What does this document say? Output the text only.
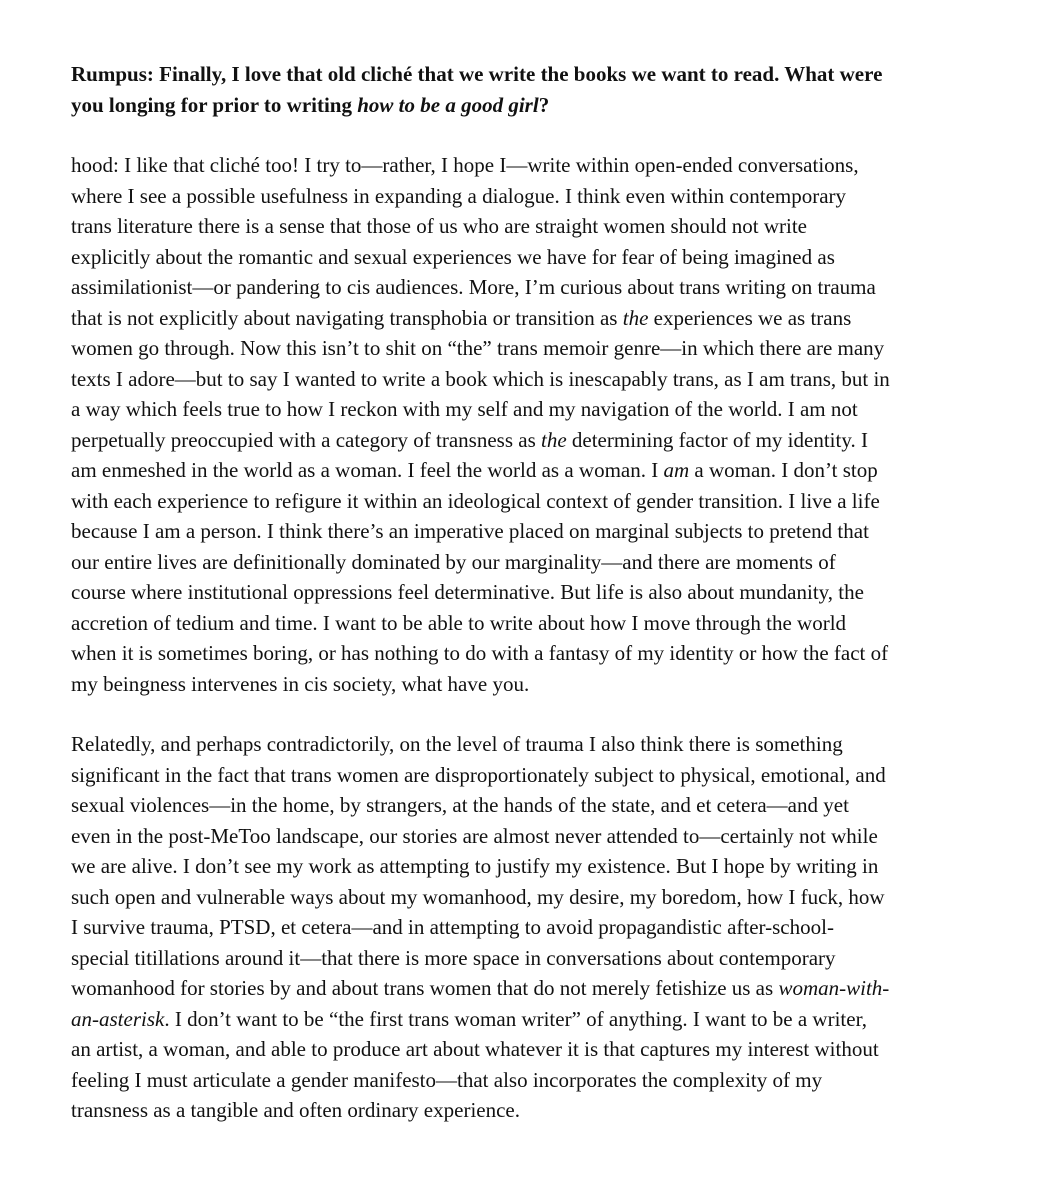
Rumpus: Finally, I love that old cliché that we write the books we want to read. What were
you longing for prior to writing how to be a good girl?
hood: I like that cliché too! I try to—rather, I hope I—write within open-ended conversations,
where I see a possible usefulness in expanding a dialogue. I think even within contemporary
trans literature there is a sense that those of us who are straight women should not write
explicitly about the romantic and sexual experiences we have for fear of being imagined as
assimilationist—or pandering to cis audiences. More, I’m curious about trans writing on trauma
that is not explicitly about navigating transphobia or transition as the experiences we as trans
women go through. Now this isn’t to shit on “the” trans memoir genre—in which there are many
texts I adore—but to say I wanted to write a book which is inescapably trans, as I am trans, but in
a way which feels true to how I reckon with my self and my navigation of the world. I am not
perpetually preoccupied with a category of transness as the determining factor of my identity. I
am enmeshed in the world as a woman. I feel the world as a woman. I am a woman. I don’t stop
with each experience to refigure it within an ideological context of gender transition. I live a life
because I am a person. I think there’s an imperative placed on marginal subjects to pretend that
our entire lives are definitionally dominated by our marginality—and there are moments of
course where institutional oppressions feel determinative. But life is also about mundanity, the
accretion of tedium and time. I want to be able to write about how I move through the world
when it is sometimes boring, or has nothing to do with a fantasy of my identity or how the fact of
my beingness intervenes in cis society, what have you.
Relatedly, and perhaps contradictorily, on the level of trauma I also think there is something
significant in the fact that trans women are disproportionately subject to physical, emotional, and
sexual violences—in the home, by strangers, at the hands of the state, and et cetera—and yet
even in the post-MeToo landscape, our stories are almost never attended to—certainly not while
we are alive. I don’t see my work as attempting to justify my existence. But I hope by writing in
such open and vulnerable ways about my womanhood, my desire, my boredom, how I fuck, how
I survive trauma, PTSD, et cetera—and in attempting to avoid propagandistic after-school-
special titillations around it—that there is more space in conversations about contemporary
womanhood for stories by and about trans women that do not merely fetishize us as woman-with-
an-asterisk. I don’t want to be “the first trans woman writer” of anything. I want to be a writer,
an artist, a woman, and able to produce art about whatever it is that captures my interest without
feeling I must articulate a gender manifesto—that also incorporates the complexity of my
transness as a tangible and often ordinary experience.
